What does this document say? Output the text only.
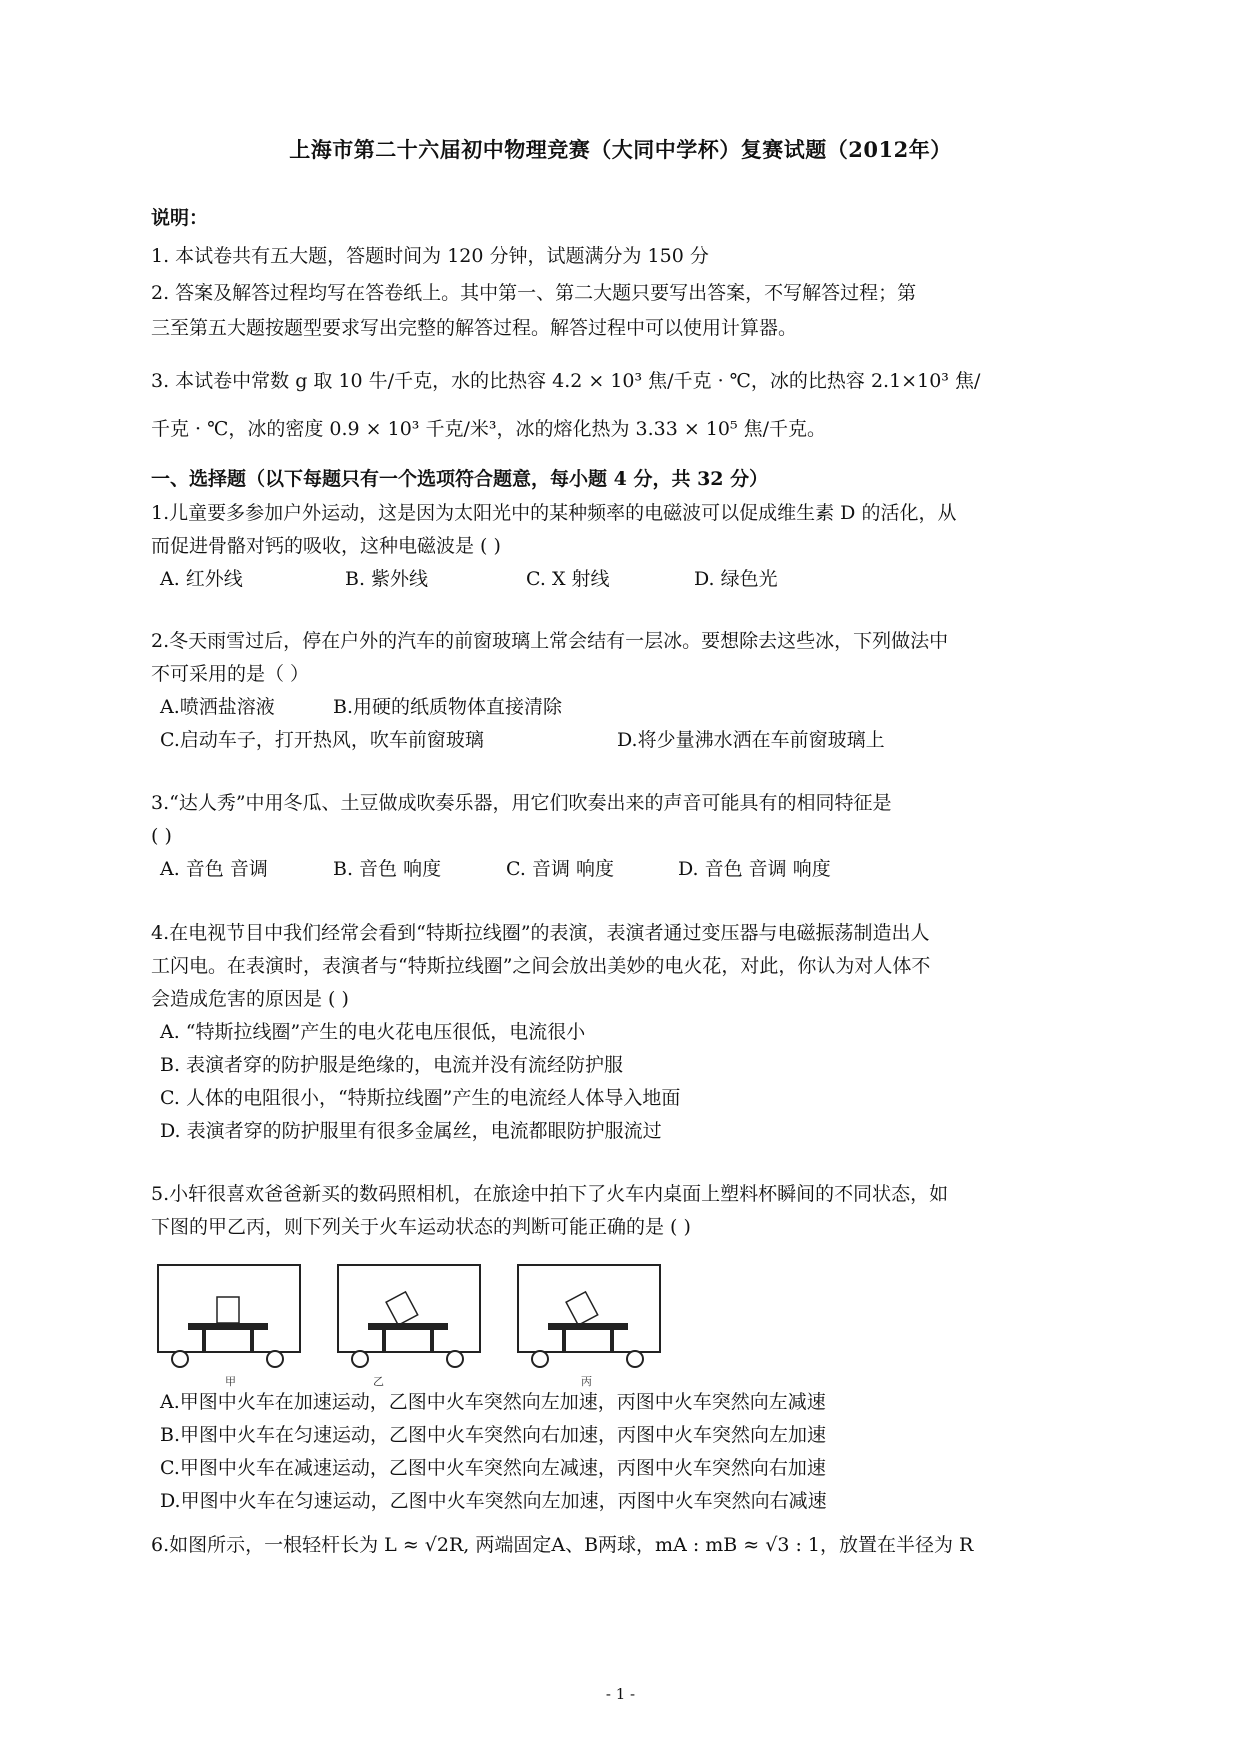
上海市第二十六届初中物理竞赛（大同中学杯）复赛试题（2012年）
说明：
1. 本试卷共有五大题，答题时间为 120 分钟，试题满分为 150 分
2. 答案及解答过程均写在答卷纸上。其中第一、第二大题只要写出答案，不写解答过程；第
三至第五大题按题型要求写出完整的解答过程。解答过程中可以使用计算器。
3. 本试卷中常数 g 取 10 牛/千克，水的比热容 4.2 × 10³ 焦/千克 · ℃，冰的比热容 2.1×10³ 焦/
千克 · ℃，冰的密度 0.9 × 10³ 千克/米³，冰的熔化热为 3.33 × 10⁵ 焦/千克。
一、选择题（以下每题只有一个选项符合题意，每小题 4 分，共 32 分）
1.儿童要多参加户外运动，这是因为太阳光中的某种频率的电磁波可以促成维生素 D 的活化，从
而促进骨骼对钙的吸收，这种电磁波是 ( )
A. 红外线	B. 紫外线	C. X 射线	D. 绿色光
2.冬天雨雪过后，停在户外的汽车的前窗玻璃上常会结有一层冰。要想除去这些冰，下列做法中
不可采用的是（ ）
A.喷洒盐溶液	B.用硬的纸质物体直接清除
C.启动车子，打开热风，吹车前窗玻璃	D.将少量沸水洒在车前窗玻璃上
3.“达人秀”中用冬瓜、土豆做成吹奏乐器，用它们吹奏出来的声音可能具有的相同特征是
( )
A. 音色 音调	B. 音色 响度	C. 音调 响度	D. 音色 音调 响度
4.在电视节目中我们经常会看到“特斯拉线圈”的表演，表演者通过变压器与电磁振荡制造出人
工闪电。在表演时，表演者与“特斯拉线圈”之间会放出美妙的电火花，对此，你认为对人体不
会造成危害的原因是 ( )
A. “特斯拉线圈”产生的电火花电压很低，电流很小
B. 表演者穿的防护服是绝缘的，电流并没有流经防护服
C. 人体的电阻很小，“特斯拉线圈”产生的电流经人体导入地面
D. 表演者穿的防护服里有很多金属丝，电流都眼防护服流过
5.小轩很喜欢爸爸新买的数码照相机，在旅途中拍下了火车内桌面上塑料杯瞬间的不同状态，如
下图的甲乙丙，则下列关于火车运动状态的判断可能正确的是 ( )
甲	乙	丙
A.甲图中火车在加速运动，乙图中火车突然向左加速，丙图中火车突然向左减速
B.甲图中火车在匀速运动，乙图中火车突然向右加速，丙图中火车突然向左加速
C.甲图中火车在减速运动，乙图中火车突然向左减速，丙图中火车突然向右加速
D.甲图中火车在匀速运动，乙图中火车突然向左加速，丙图中火车突然向右减速
6.如图所示，一根轻杆长为 L ≈ √2R, 两端固定A、B两球，mA : mB ≈ √3 : 1，放置在半径为 R
- 1 -
